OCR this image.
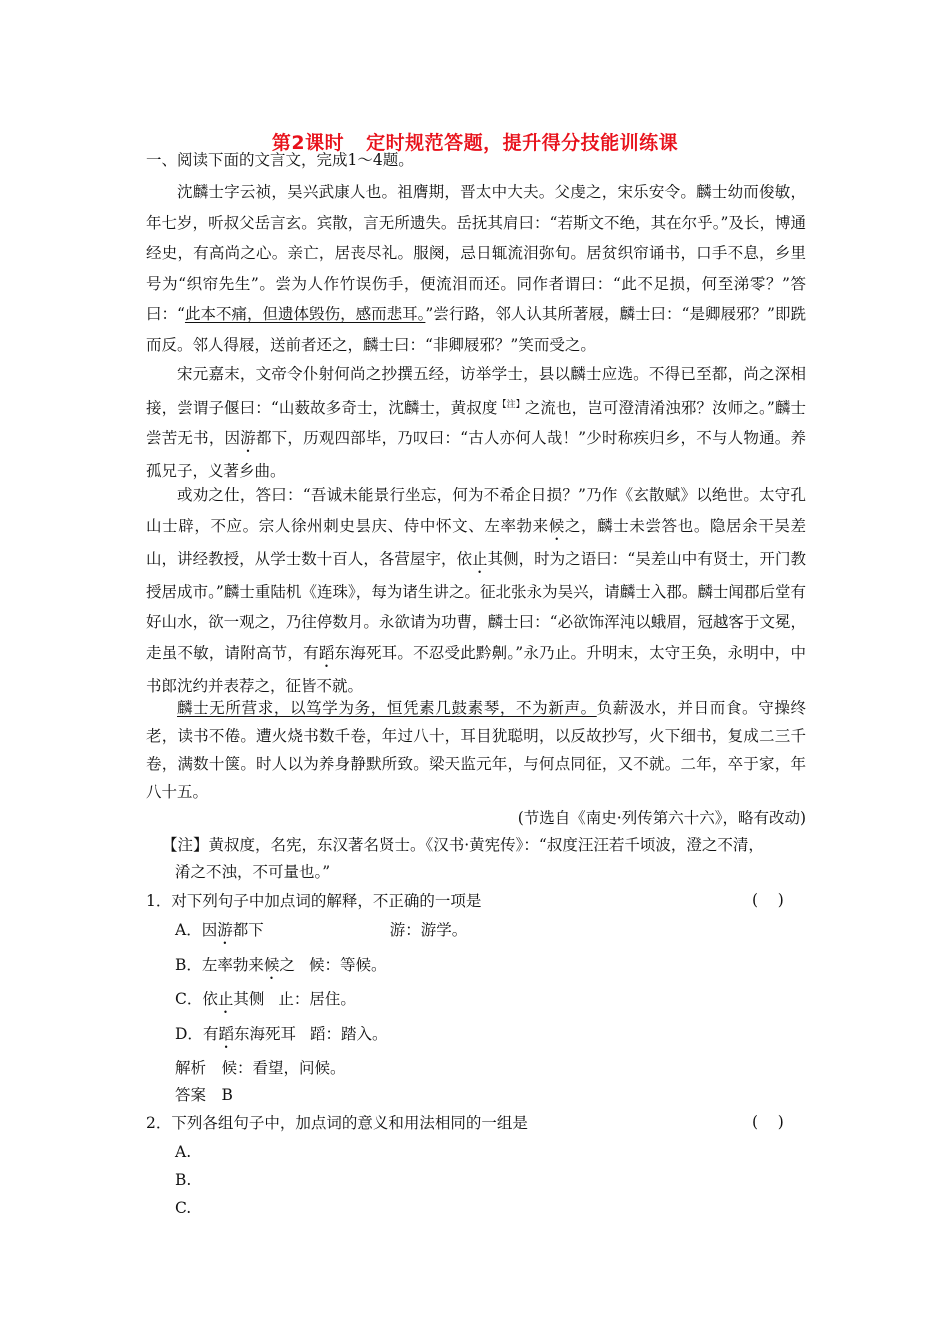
第2课时 定时规范答题，提升得分技能训练课
一、阅读下面的文言文，完成1～4题。

沈麟士字云祯，吴兴武康人也。祖膺期，晋太中大夫。父虔之，宋乐安令。麟士幼而俊敏，年七岁，听叔父岳言玄。宾散，言无所遗失。岳抚其肩曰：“若斯文不绝，其在尔乎。”及长，博通经史，有高尚之心。亲亡，居丧尽礼。服阕，忌日辄流泪弥旬。居贫织帘诵书，口手不息，乡里号为“织帘先生”。尝为人作竹误伤手，便流泪而还。同作者谓曰：“此不足损，何至涕零？”答曰：“此本不痛，但遗体毁伤，感而悲耳。”尝行路，邻人认其所著屐，麟士曰：“是卿屐邪？”即跣而反。邻人得屐，送前者还之，麟士曰：“非卿屐邪？”笑而受之。

宋元嘉末，文帝令仆射何尚之抄撰五经，访举学士，县以麟士应选。不得已至都，尚之深相接，尝谓子偃曰：“山薮故多奇士，沈麟士，黄叔度$^{【注】}$之流也，岂可澄清淆浊邪？汝师之。”麟士尝苦无书，因游都下，历观四部毕，乃叹曰：“古人亦何人哉！”少时称疾归乡，不与人物通。养孤兄子，义著乡曲。

或劝之仕，答曰：“吾诚未能景行坐忘，何为不希企日损？”乃作《玄散赋》以绝世。太守孔山士辟，不应。宗人徐州刺史昙庆、侍中怀文、左率勃来候之，麟士未尝答也。隐居余干吴差山，讲经教授，从学士数十百人，各营屋宇，依止其侧，时为之语曰：“吴差山中有贤士，开门教授居成市。”麟士重陆机《连珠》，每为诸生讲之。征北张永为吴兴，请麟士入郡。麟士闻郡后堂有好山水，欲一观之，乃往停数月。永欲请为功曹，麟士曰：“必欲饰浑沌以蛾眉，冠越客于文冕，走虽不敏，请附高节，有蹈东海死耳。不忍受此黔劓。”永乃止。升明末，太守王奂，永明中，中书郎沈约并表荐之，征皆不就。

麟士无所营求，以笃学为务，恒凭素几鼓素琴，不为新声。负薪汲水，并日而食。守操终老，读书不倦。遭火烧书数千卷，年过八十，耳目犹聪明，以反故抄写，火下细书，复成二三千卷，满数十箧。时人以为养身静默所致。梁天监元年，与何点同征，又不就。二年，卒于家，年八十五。

(节选自《南史·列传第六十六》，略有改动)
【注】黄叔度，名宪，东汉著名贤士。《汉书·黄宪传》：“叔度汪汪若千顷波，澄之不清，
淆之不浊，不可量也。”
1．对下列句子中加点词的解释，不正确的一项是	(    )
A．因游都下	游：游学。
B．左率勃来候之 候：等候。
C．依止其侧 止：居住。
D．有蹈东海死耳 蹈：踏入。
解析　候：看望，问候。
答案　B
2．下列各组句子中，加点词的意义和用法相同的一组是	(    )
A.
B.
C.
